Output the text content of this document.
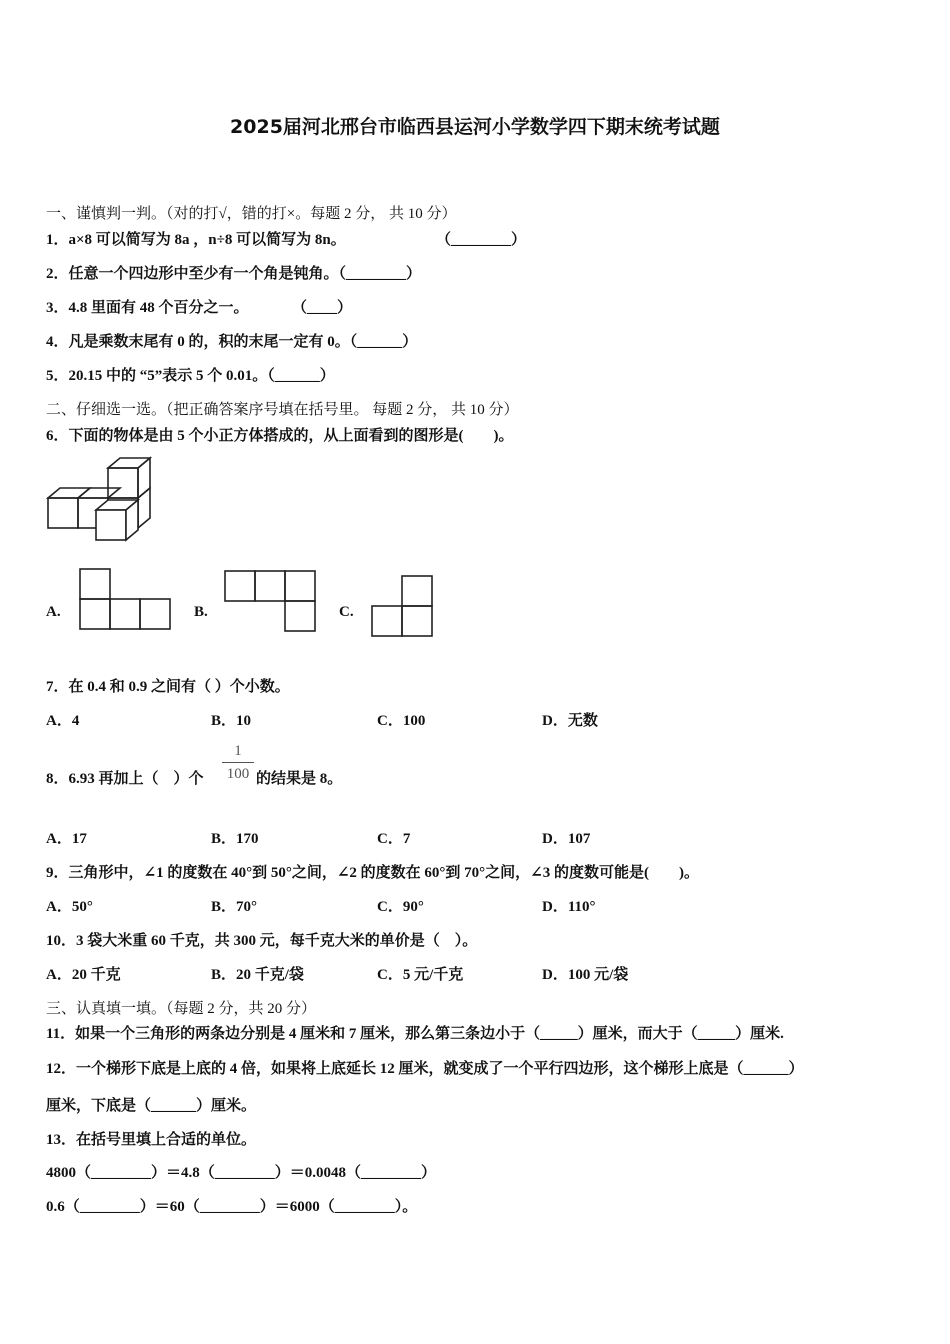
2025届河北邢台市临西县运河小学数学四下期末统考试题
一、谨慎判一判。（对的打√，错的打×。每题 2 分， 共 10 分）
1．a×8 可以简写为 8a ，n÷8 可以简写为 8n。	（________）
2．任意一个四边形中至少有一个角是钝角。（________）
3．4.8 里面有 48 个百分之一。	（____）
4．凡是乘数末尾有 0 的，积的末尾一定有 0。（______）
5．20.15 中的 “5”表示 5 个 0.01。（______）
二、仔细选一选。（把正确答案序号填在括号里。 每题 2 分， 共 10 分）
6．下面的物体是由 5 个小正方体搭成的，从上面看到的图形是(　　)。
A.	B.	C.
7．在 0.4 和 0.9 之间有（ ）个小数。
A．4	B．10	C．100	D．无数
8．6.93 再加上（　）个
1
100 的结果是 8。
A．17	B．170	C．7	D．107
9．三角形中，∠1 的度数在 40°到 50°之间，∠2 的度数在 60°到 70°之间，∠3 的度数可能是(　　)。
A．50°	B．70°	C．90°	D．110°
10．3 袋大米重 60 千克，共 300 元，每千克大米的单价是（　）。
A．20 千克	B．20 千克/袋	C．5 元/千克	D．100 元/袋
三、认真填一填。（每题 2 分，共 20 分）
11．如果一个三角形的两条边分别是 4 厘米和 7 厘米，那么第三条边小于（_____）厘米，而大于（_____）厘米.
12．一个梯形下底是上底的 4 倍，如果将上底延长 12 厘米，就变成了一个平行四边形，这个梯形上底是（______）
厘米，下底是（______）厘米。
13．在括号里填上合适的单位。
4800（________）＝4.8（________）＝0.0048（________）
0.6（________）＝60（________）＝6000（________）。
